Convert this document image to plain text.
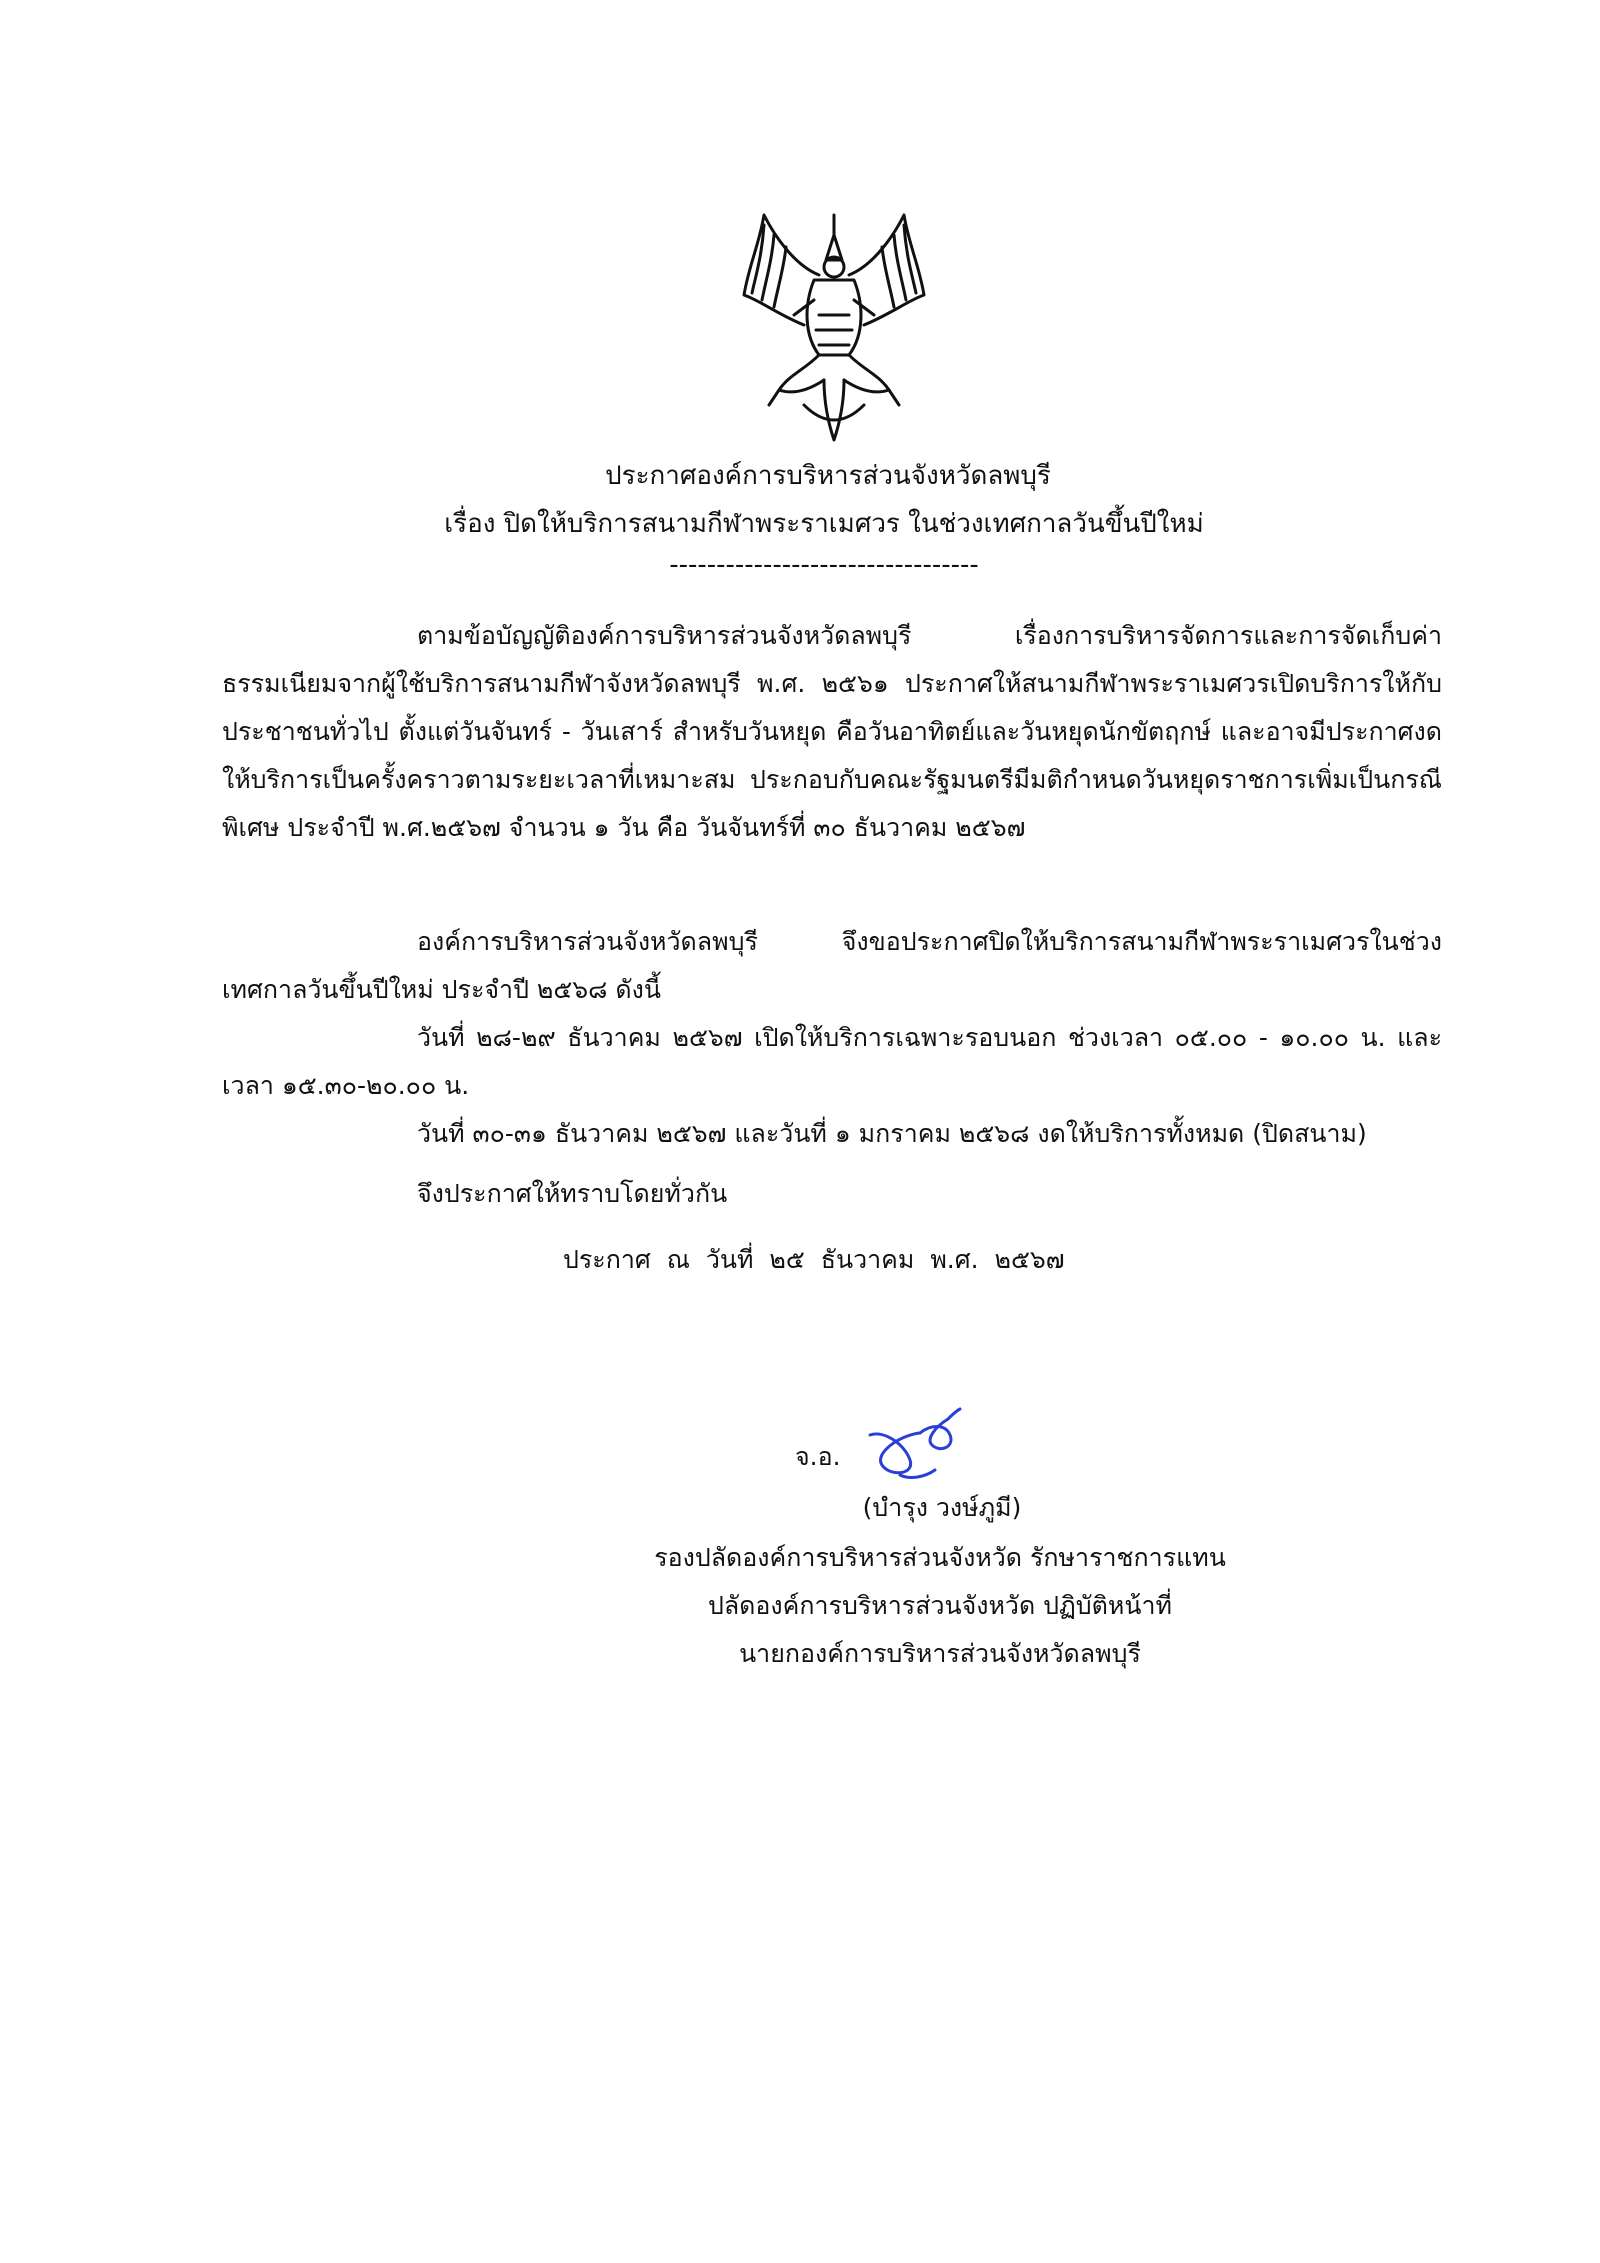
ประกาศองค์การบริหารส่วนจังหวัดลพบุรี
เรื่อง ปิดให้บริการสนามกีฬาพระราเมศวร ในช่วงเทศกาลวันขึ้นปีใหม่
---------------------------------

ตามข้อบัญญัติองค์การบริหารส่วนจังหวัดลพบุรี เรื่องการบริหารจัดการและการจัดเก็บค่าธรรมเนียมจากผู้ใช้บริการสนามกีฬาจังหวัดลพบุรี พ.ศ. ๒๕๖๑ ประกาศให้สนามกีฬาพระราเมศวรเปิดบริการให้กับประชาชนทั่วไป ตั้งแต่วันจันทร์ - วันเสาร์ สำหรับวันหยุด คือวันอาทิตย์และวันหยุดนักขัตฤกษ์ และอาจมีประกาศงดให้บริการเป็นครั้งคราวตามระยะเวลาที่เหมาะสม ประกอบกับคณะรัฐมนตรีมีมติกำหนดวันหยุดราชการเพิ่มเป็นกรณีพิเศษ ประจำปี พ.ศ.๒๕๖๗ จำนวน ๑ วัน คือ วันจันทร์ที่ ๓๐ ธันวาคม ๒๕๖๗

องค์การบริหารส่วนจังหวัดลพบุรี จึงขอประกาศปิดให้บริการสนามกีฬาพระราเมศวรในช่วงเทศกาลวันขึ้นปีใหม่ ประจำปี ๒๕๖๘ ดังนี้

วันที่ ๒๘-๒๙ ธันวาคม ๒๕๖๗ เปิดให้บริการเฉพาะรอบนอก ช่วงเวลา ๐๕.๐๐ - ๑๐.๐๐ น. และเวลา ๑๕.๓๐-๒๐.๐๐ น.

วันที่ ๓๐-๓๑ ธันวาคม ๒๕๖๗ และวันที่ ๑ มกราคม ๒๕๖๘ งดให้บริการทั้งหมด (ปิดสนาม)

จึงประกาศให้ทราบโดยทั่วกัน

ประกาศ ณ วันที่ ๒๕ ธันวาคม พ.ศ. ๒๕๖๗
จ.อ.
(บำรุง วงษ์ภูมี)
รองปลัดองค์การบริหารส่วนจังหวัด รักษาราชการแทน
ปลัดองค์การบริหารส่วนจังหวัด ปฏิบัติหน้าที่
นายกองค์การบริหารส่วนจังหวัดลพบุรี
